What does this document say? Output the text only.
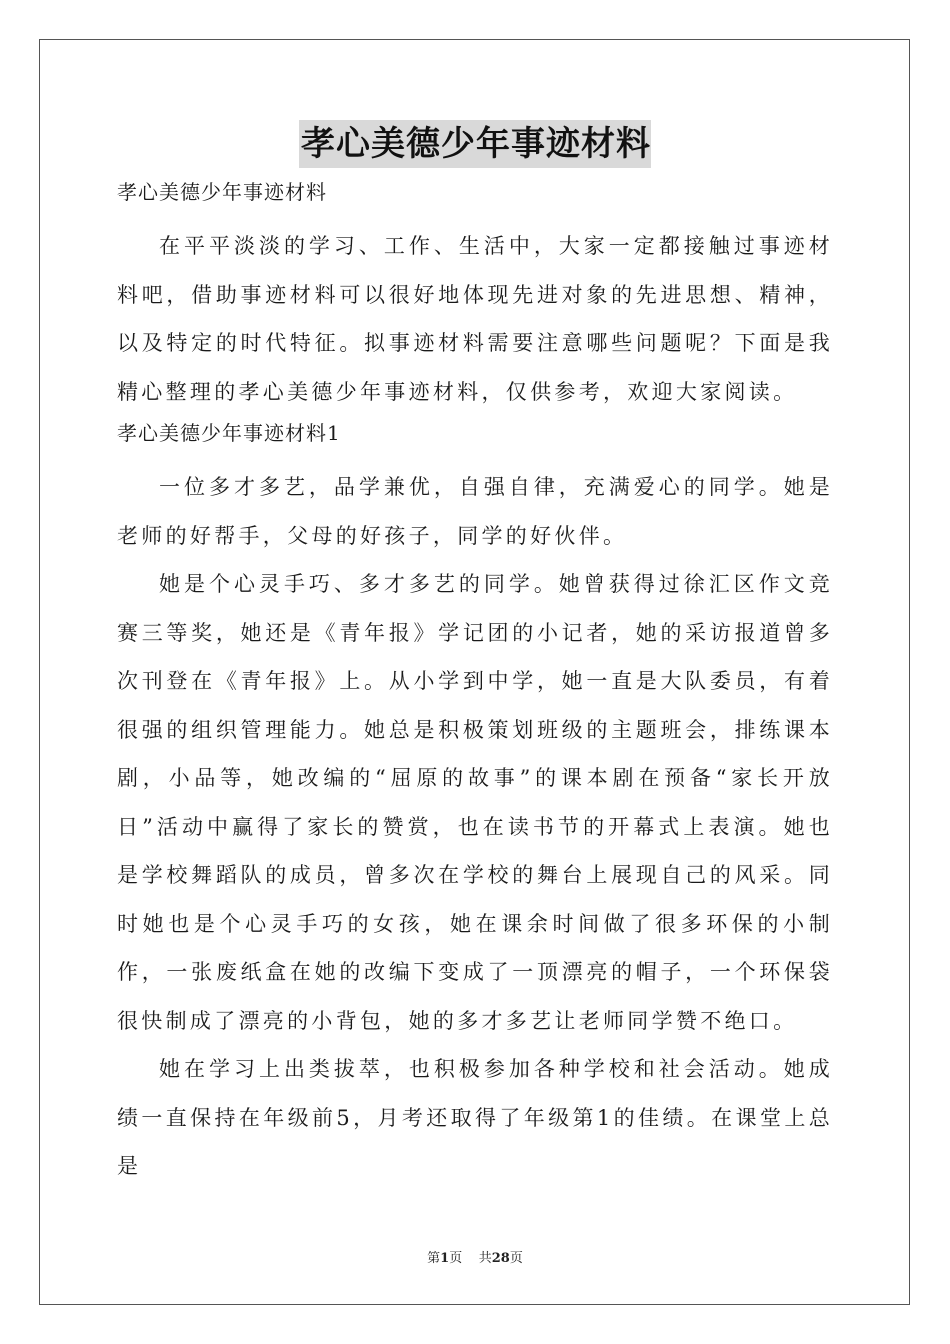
孝心美德少年事迹材料

孝心美德少年事迹材料

在平平淡淡的学习、工作、生活中，大家一定都接触过事迹材料吧，借助事迹材料可以很好地体现先进对象的先进思想、精神，以及特定的时代特征。拟事迹材料需要注意哪些问题呢？下面是我精心整理的孝心美德少年事迹材料，仅供参考，欢迎大家阅读。

孝心美德少年事迹材料1

一位多才多艺，品学兼优，自强自律，充满爱心的同学。她是老师的好帮手，父母的好孩子，同学的好伙伴。

她是个心灵手巧、多才多艺的同学。她曾获得过徐汇区作文竞赛三等奖，她还是《青年报》学记团的小记者，她的采访报道曾多次刊登在《青年报》上。从小学到中学，她一直是大队委员，有着很强的组织管理能力。她总是积极策划班级的主题班会，排练课本剧，小品等，她改编的“屈原的故事”的课本剧在预备“家长开放日”活动中赢得了家长的赞赏，也在读书节的开幕式上表演。她也是学校舞蹈队的成员，曾多次在学校的舞台上展现自己的风采。同时她也是个心灵手巧的女孩，她在课余时间做了很多环保的小制作，一张废纸盒在她的改编下变成了一顶漂亮的帽子，一个环保袋很快制成了漂亮的小背包，她的多才多艺让老师同学赞不绝口。

她在学习上出类拔萃，也积极参加各种学校和社会活动。她成绩一直保持在年级前5，月考还取得了年级第1的佳绩。在课堂上总是

第1页 共28页
